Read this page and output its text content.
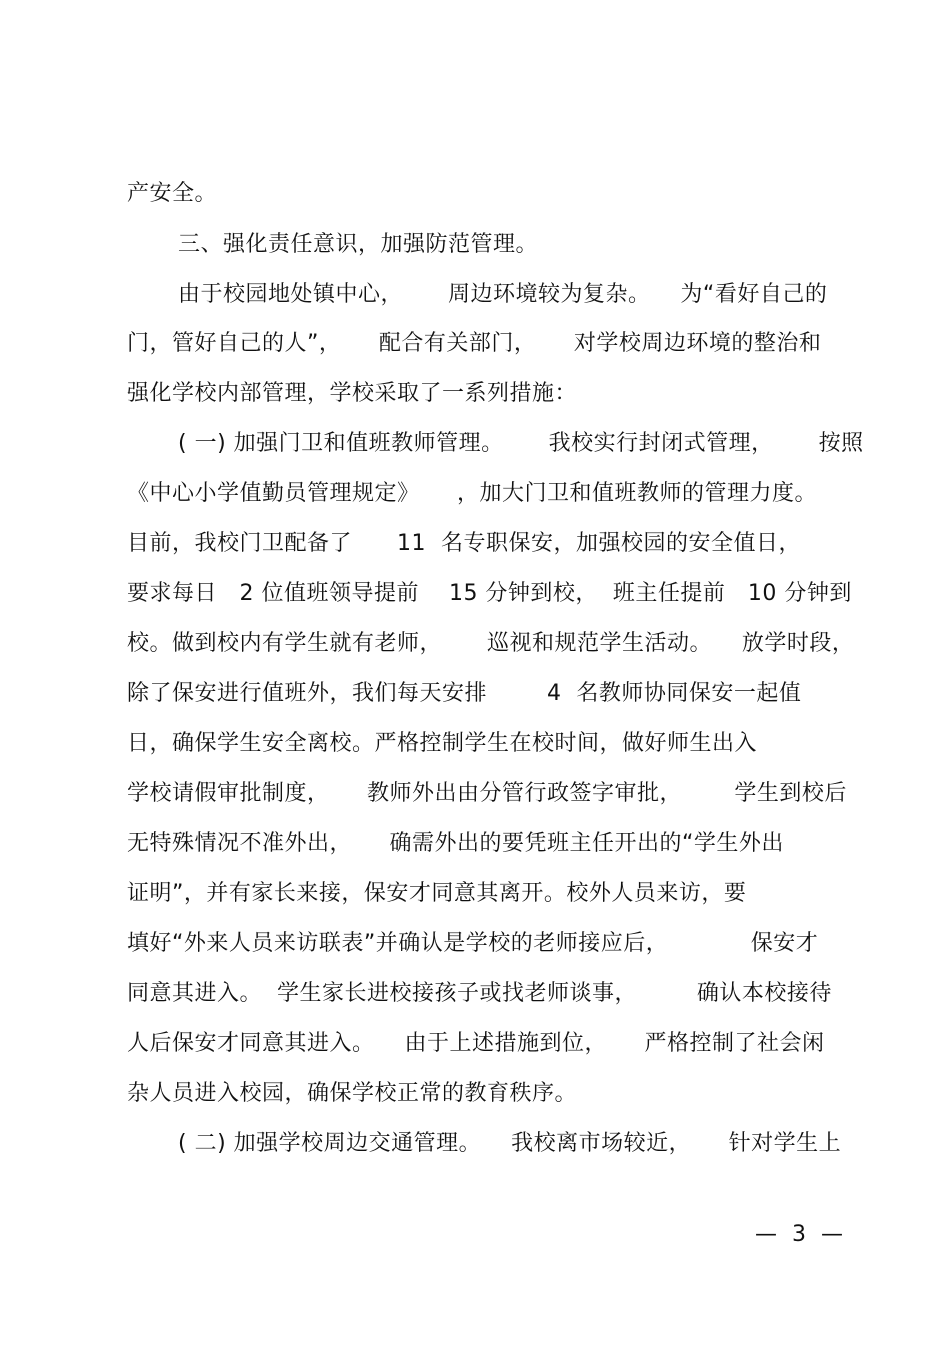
产安全。
三、强化责任意识，加强防范管理。
由于校园地处镇中心，      周边环境较为复杂。    为“看好自己的
门，管好自己的人”，     配合有关部门，     对学校周边环境的整治和
强化学校内部管理，学校采取了一系列措施：
( 一) 加强门卫和值班教师管理。      我校实行封闭式管理，      按照
《中心小学值勤员管理规定》     ，加大门卫和值班教师的管理力度。
目前，我校门卫配备了      11  名专职保安，加强校园的安全值日，
要求每日   2 位值班领导提前    15 分钟到校，  班主任提前   10 分钟到
校。做到校内有学生就有老师，      巡视和规范学生活动。    放学时段，
除了保安进行值班外，我们每天安排        4  名教师协同保安一起值
日，确保学生安全离校。严格控制学生在校时间，做好师生出入
学校请假审批制度，     教师外出由分管行政签字审批，       学生到校后
无特殊情况不准外出，     确需外出的要凭班主任开出的“学生外出
证明”，并有家长来接，保安才同意其离开。校外人员来访，要
填好“外来人员来访联表”并确认是学校的老师接应后，           保安才
同意其进入。  学生家长进校接孩子或找老师谈事，        确认本校接待
人后保安才同意其进入。    由于上述措施到位，     严格控制了社会闲
杂人员进入校园，确保学校正常的教育秩序。
( 二) 加强学校周边交通管理。    我校离市场较近，     针对学生上
— 3 —
